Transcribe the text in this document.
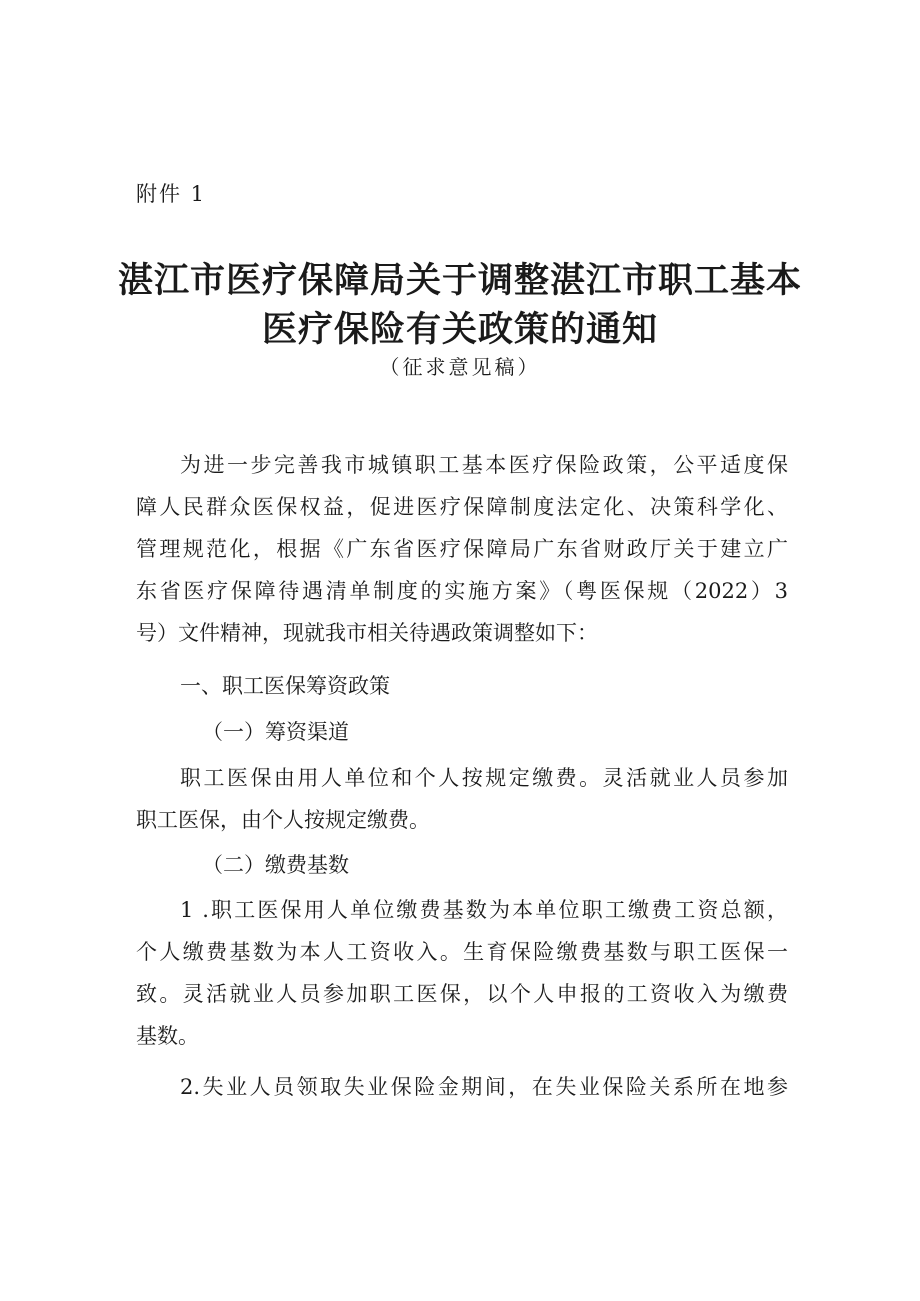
附件 1
湛江市医疗保障局关于调整湛江市职工基本
医疗保险有关政策的通知
（征求意见稿）
为进一步完善我市城镇职工基本医疗保险政策，公平适度保
障人民群众医保权益，促进医疗保障制度法定化、决策科学化、
管理规范化，根据《广东省医疗保障局广东省财政厅关于建立广
东省医疗保障待遇清单制度的实施方案》（粤医保规（2022）3
号）文件精神，现就我市相关待遇政策调整如下：
一、职工医保筹资政策
（一）筹资渠道
职工医保由用人单位和个人按规定缴费。灵活就业人员参加
职工医保，由个人按规定缴费。
（二）缴费基数
1 .职工医保用人单位缴费基数为本单位职工缴费工资总额，
个人缴费基数为本人工资收入。生育保险缴费基数与职工医保一
致。灵活就业人员参加职工医保，以个人申报的工资收入为缴费
基数。
2.失业人员领取失业保险金期间，在失业保险关系所在地参
